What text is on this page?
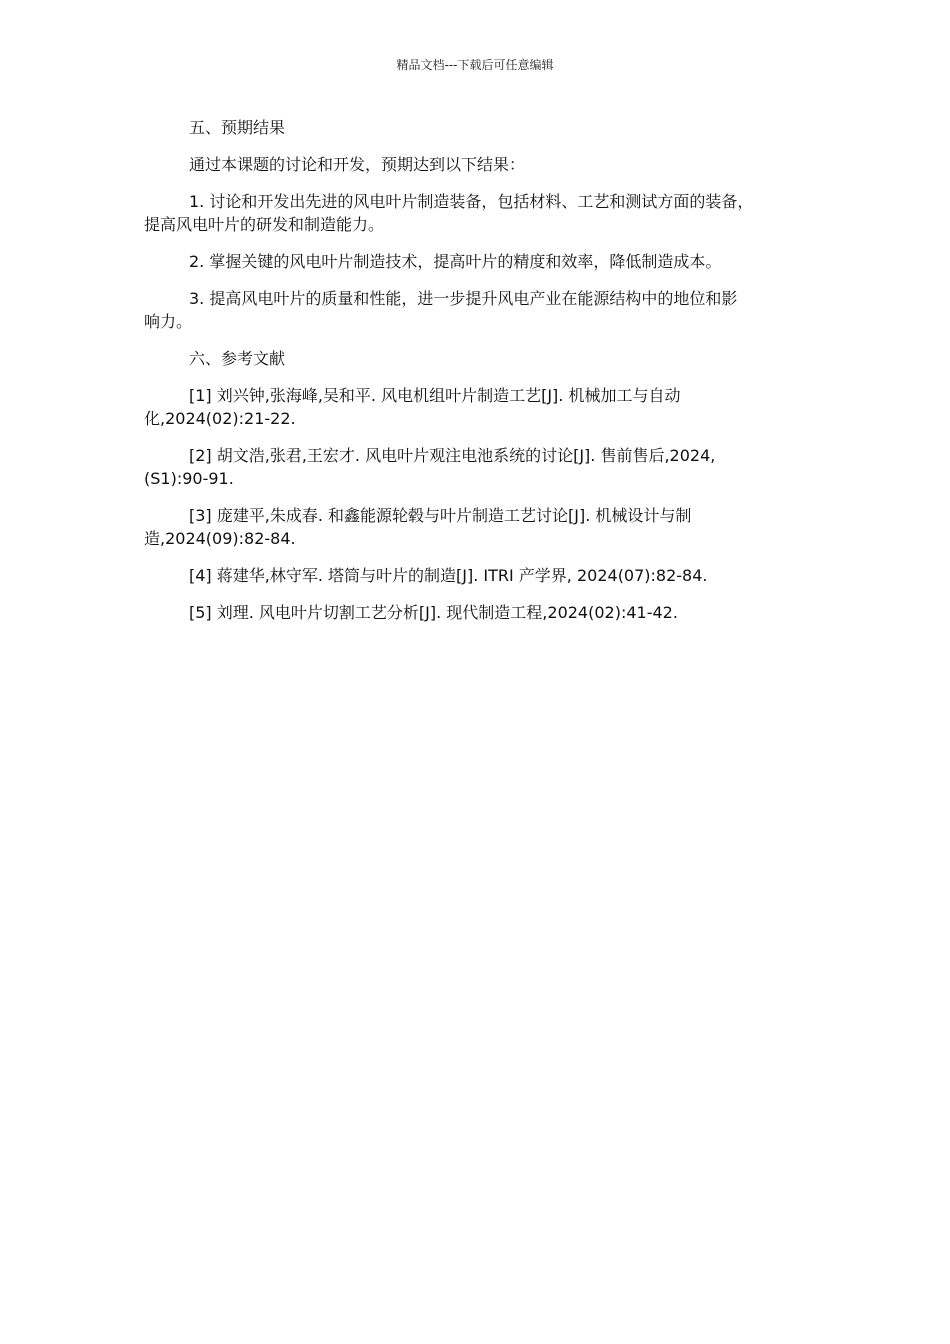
精品文档---下载后可任意编辑

五、预期结果

通过本课题的讨论和开发，预期达到以下结果：

1. 讨论和开发出先进的风电叶片制造装备，包括材料、工艺和测试方面的装备，
提高风电叶片的研发和制造能力。

2. 掌握关键的风电叶片制造技术，提高叶片的精度和效率，降低制造成本。

3. 提高风电叶片的质量和性能，进一步提升风电产业在能源结构中的地位和影
响力。

六、参考文献

[1] 刘兴钟,张海峰,吴和平. 风电机组叶片制造工艺[J]. 机械加工与自动
化,2024(02):21-22.

[2] 胡文浩,张君,王宏才. 风电叶片观注电池系统的讨论[J]. 售前售后,2024,
(S1):90-91.

[3] 庞建平,朱成春. 和鑫能源轮毂与叶片制造工艺讨论[J]. 机械设计与制
造,2024(09):82-84.

[4] 蒋建华,林守军. 塔筒与叶片的制造[J]. ITRI 产学界, 2024(07):82-84.

[5] 刘理. 风电叶片切割工艺分析[J]. 现代制造工程,2024(02):41-42.
